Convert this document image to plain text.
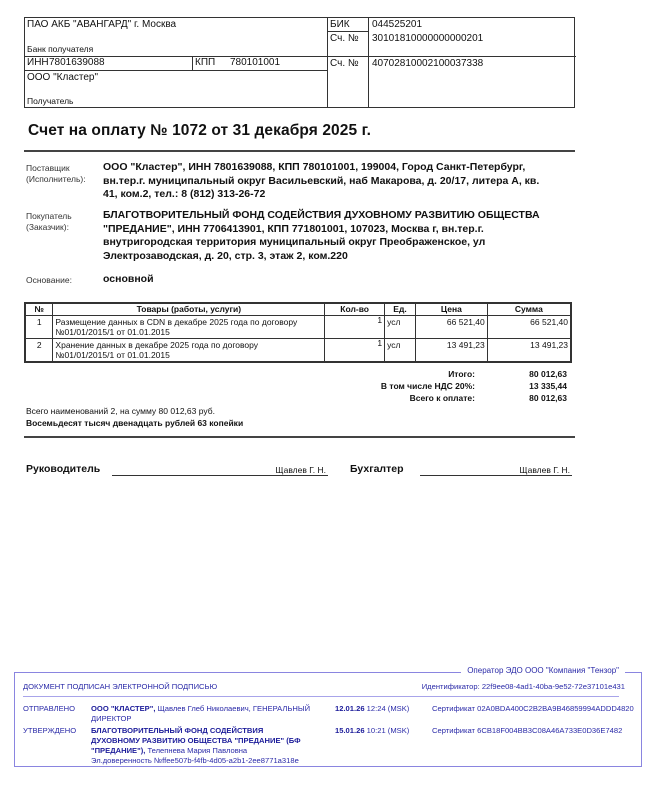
ПАО АКБ "АВАНГАРД" г. Москва
Банк получателя
ИНН 7801639088	КПП 780101001
ООО "Кластер"
Получатель
БИК 044525201
Сч. № 30101810000000000201
Сч. № 40702810002100037338
Счет на оплату № 1072 от 31 декабря 2025 г.
Поставщик
(Исполнитель):
ООО "Кластер", ИНН 7801639088, КПП 780101001, 199004, Город Санкт-Петербург,
вн.тер.г. муниципальный округ Васильевский, наб Макарова, д. 20/17, литера А, кв.
41, ком.2, тел.: 8 (812) 313-26-72
Покупатель
(Заказчик):
БЛАГОТВОРИТЕЛЬНЫЙ ФОНД СОДЕЙСТВИЯ ДУХОВНОМУ РАЗВИТИЮ ОБЩЕСТВА
"ПРЕДАНИЕ", ИНН 7706413901, КПП 771801001, 107023, Москва г, вн.тер.г.
внутригородская территория муниципальный округ Преображенское, ул
Электрозаводская, д. 20, стр. 3, этаж 2, ком.220
Основание:	основной
№	Товары (работы, услуги)	Кол-во	Ед.	Цена	Сумма
1	Размещение данных в CDN в декабре 2025 года по договору
№01/01/2015/1 от 01.01.2015	1	усл	66 521,40	66 521,40
2	Хранение данных в декабре 2025 года по договору
№01/01/2015/1 от 01.01.2015	1	усл	13 491,23	13 491,23
Итого:	80 012,63
В том числе НДС 20%:	13 335,44
Всего к оплате:	80 012,63
Всего наименований 2, на сумму 80 012,63 руб.
Восемьдесят тысяч двенадцать рублей 63 копейки
Руководитель	Щавлев Г. Н. Бухгалтер	Щавлев Г. Н.
Оператор ЭДО ООО "Компания "Тензор"
ДОКУМЕНТ ПОДПИСАН ЭЛЕКТРОННОЙ ПОДПИСЬЮ	Идентификатор: 22f9ee08-4ad1-40ba-9e52-72e37101e431
ОТПРАВЛЕНО ООО "КЛАСТЕР", Щавлев Глеб Николаевич, ГЕНЕРАЛЬНЫЙ
ДИРЕКТОР
12.01.26 12:24 (MSK)	Сертификат 02A0BDA400C2B2BA9B46859994ADDD4820
УТВЕРЖДЕНО БЛАГОТВОРИТЕЛЬНЫЙ ФОНД СОДЕЙСТВИЯ
ДУХОВНОМУ РАЗВИТИЮ ОБЩЕСТВА "ПРЕДАНИЕ" (БФ
"ПРЕДАНИЕ"), Телепнева Мария Павловна
Эл.доверенность №ffee507b-f4fb-4d05-a2b1-2ee8771a318e
15.01.26 10:21 (MSK)	Сертификат 6CB18F004BB3C08A46A733E0D36E7482
